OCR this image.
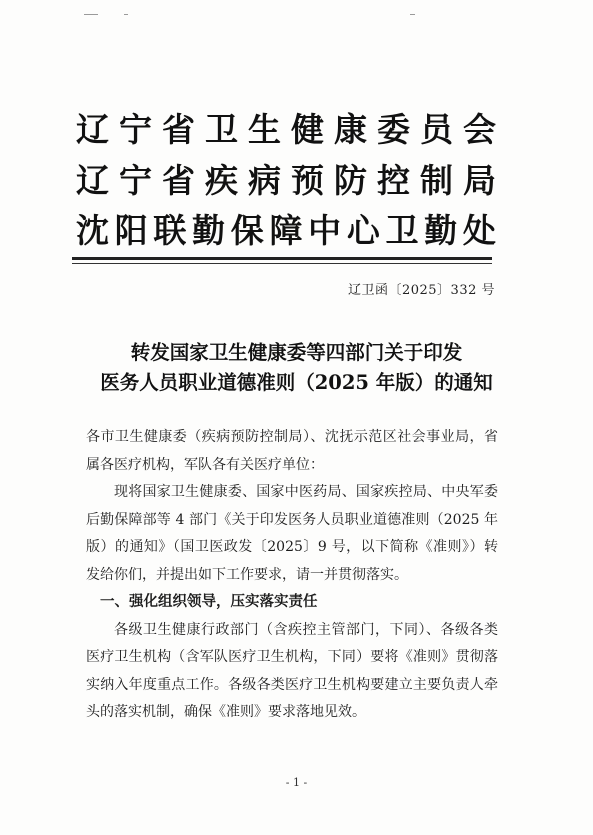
辽 宁 省 卫 生 健 康 委 员 会
辽 宁 省 疾 病 预 防 控 制 局
沈 阳 联 勤 保 障 中 心 卫 勤 处
辽卫函〔2025〕332 号
转发国家卫生健康委等四部门关于印发
医务人员职业道德准则（2025 年版）的通知

各市卫生健康委（疾病预防控制局）、沈抚示范区社会事业局，省属各医疗机构，军队各有关医疗单位：

现将国家卫生健康委、国家中医药局、国家疾控局、中央军委后勤保障部等 4 部门《关于印发医务人员职业道德准则（2025 年版）的通知》（国卫医政发〔2025〕9 号，以下简称《准则》）转发给你们，并提出如下工作要求，请一并贯彻落实。

一、强化组织领导，压实落实责任

各级卫生健康行政部门（含疾控主管部门，下同）、各级各类医疗卫生机构（含军队医疗卫生机构，下同）要将《准则》贯彻落实纳入年度重点工作。各级各类医疗卫生机构要建立主要负责人牵头的落实机制，确保《准则》要求落地见效。

- 1 -
